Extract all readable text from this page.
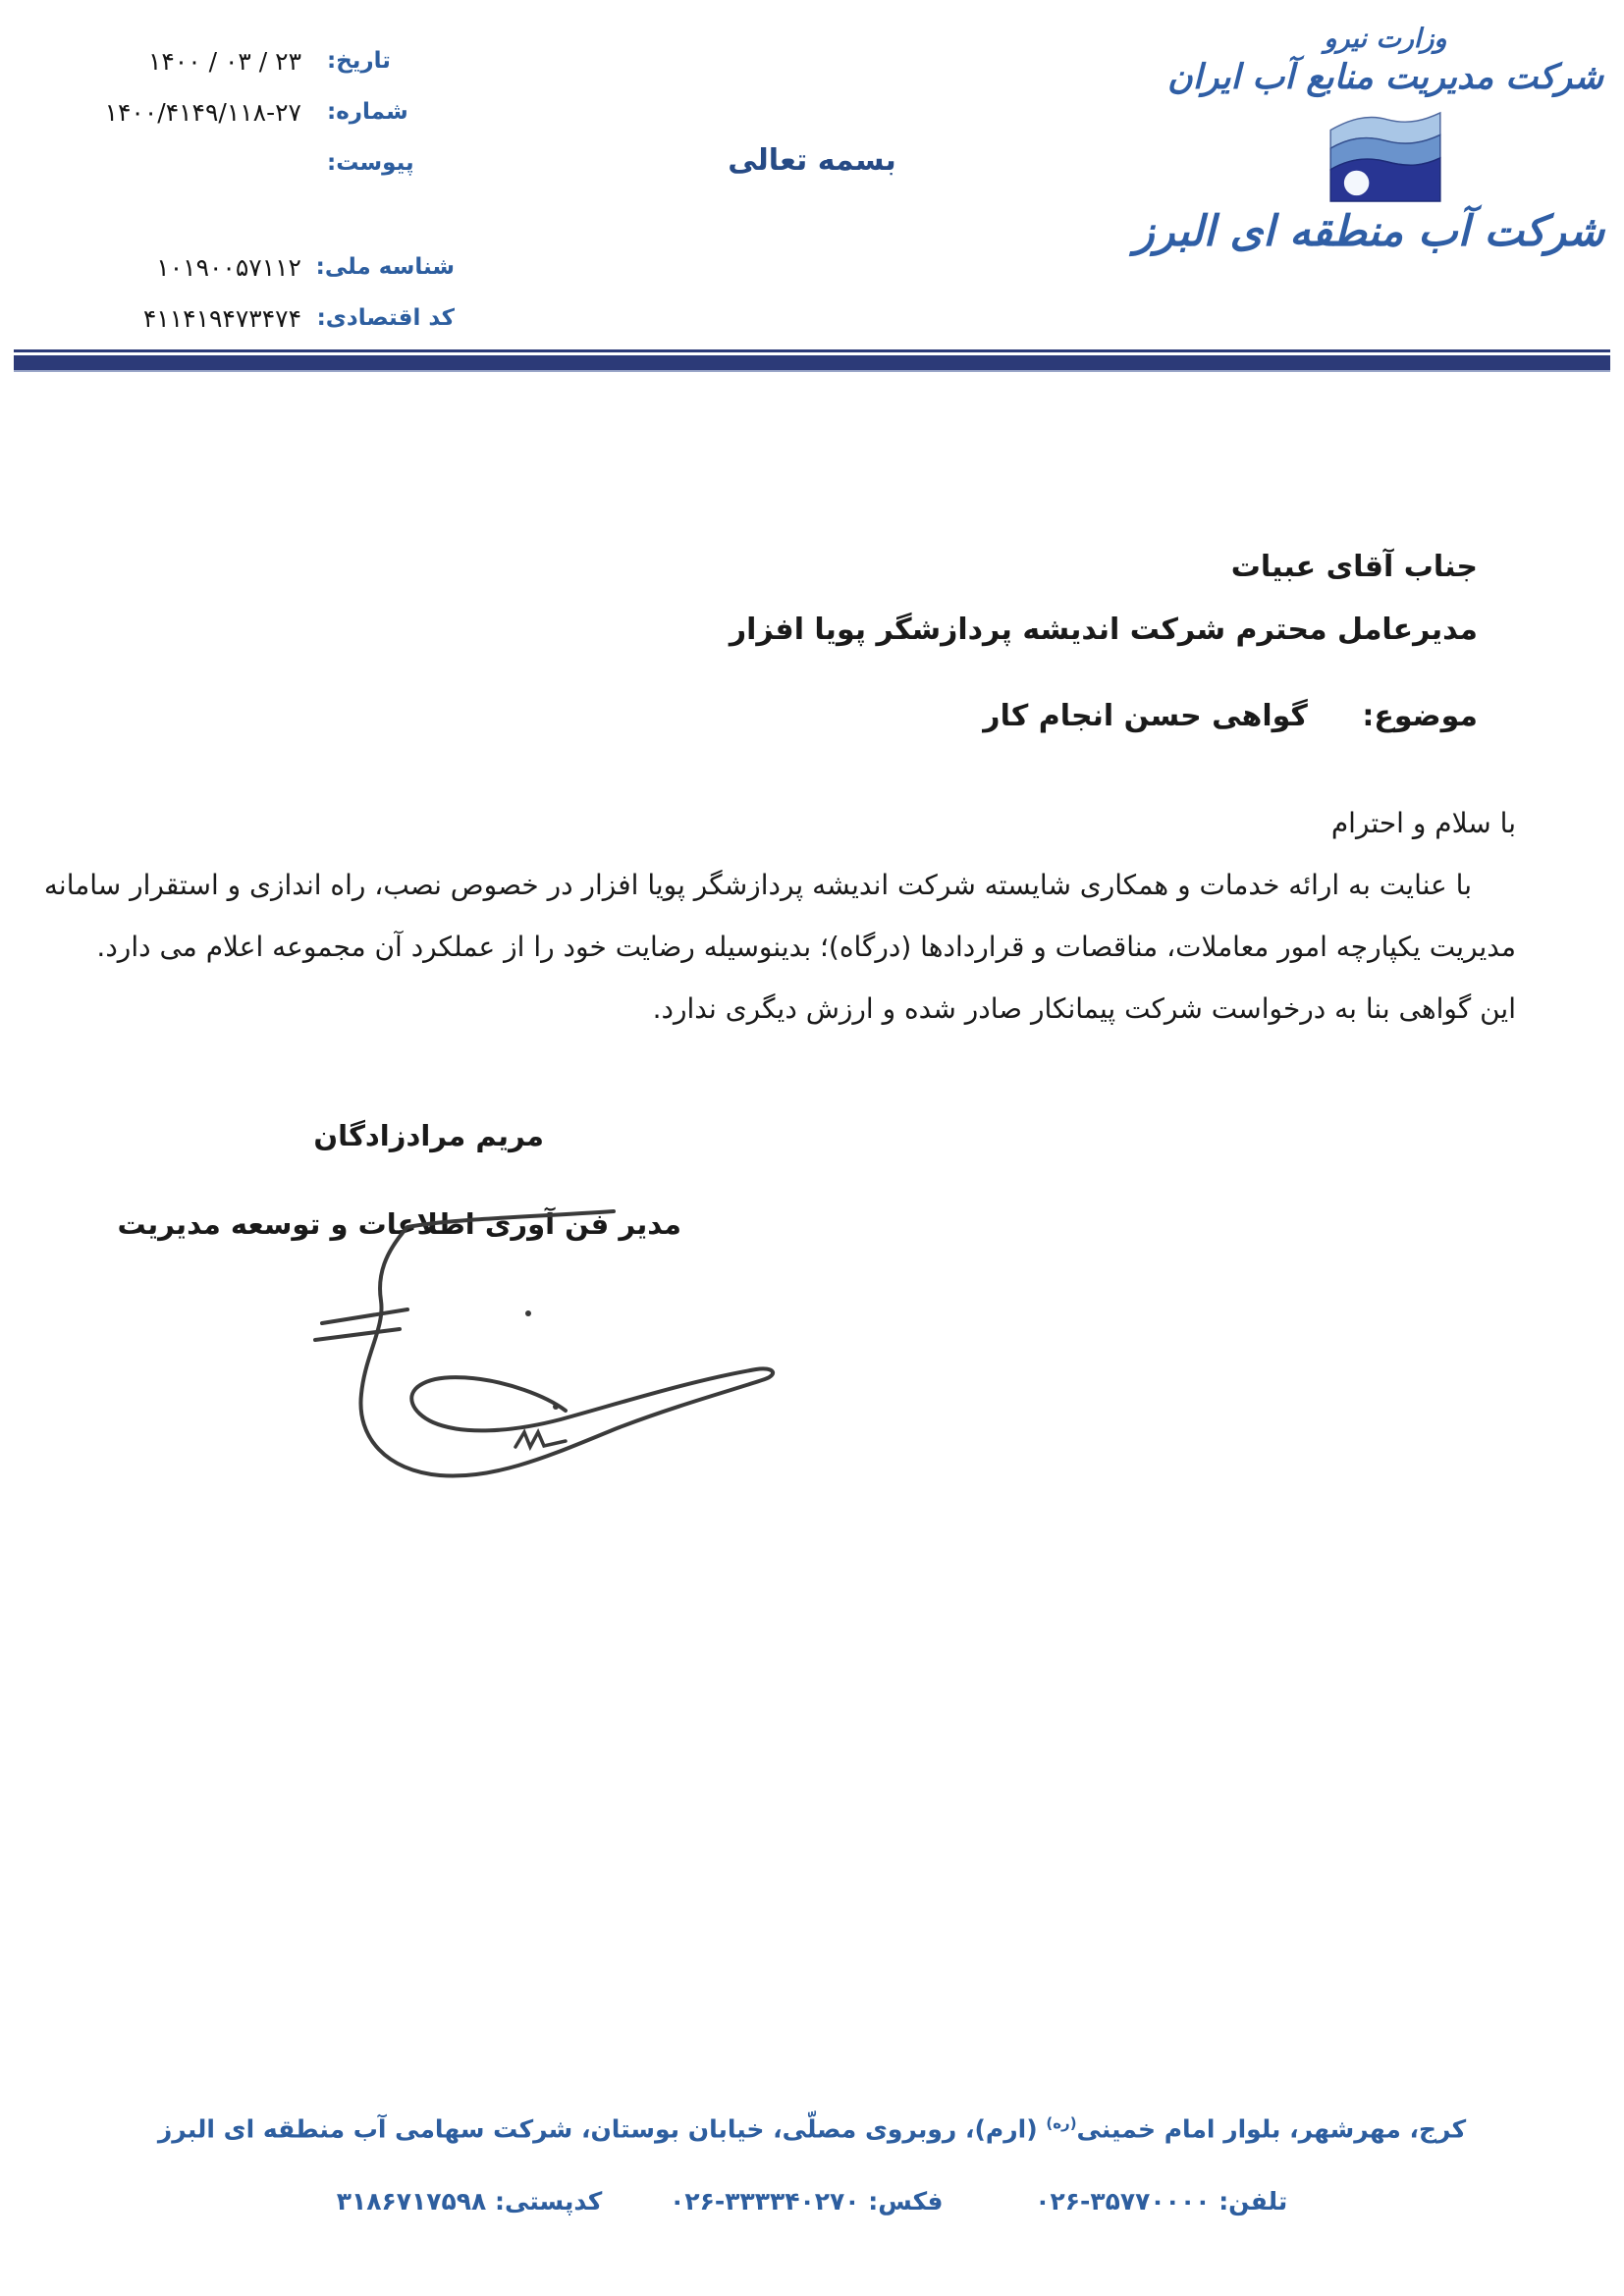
تاریخ:
۱۴۰۰ / ۰۳ / ۲۳
شماره:
۱۴۰۰/۴۱۴۹/۱۱۸-۲۷
پیوست:
شناسه ملی:
۱۰۱۹۰۰۵۷۱۱۲
کد اقتصادی:
۴۱۱۴۱۹۴۷۳۴۷۴
بسمه تعالی
وزارت نیرو
شرکت مدیریت منابع آب ایران
شرکت آب منطقه ای البرز
جناب آقای عبیات
مدیرعامل محترم شرکت اندیشه پردازشگر پویا افزار
موضوع: گواهی حسن انجام کار
با سلام و احترام
با عنایت به ارائه خدمات و همکاری شایسته شرکت اندیشه پردازشگر پویا افزار در خصوص نصب، راه اندازی و استقرار سامانه
مدیریت یکپارچه امور معاملات، مناقصات و قراردادها (درگاه)؛ بدینوسیله رضایت خود را از عملکرد آن مجموعه اعلام می دارد.
این گواهی بنا به درخواست شرکت پیمانکار صادر شده و ارزش دیگری ندارد.
مریم مرادزادگان
مدیر فن آوری اطلاعات و توسعه مدیریت
کرج، مهرشهر، بلوار امام خمینی$^{(ره)}$ (ارم)، روبروی مصلّی، خیابان بوستان، شرکت سهامی آب منطقه ای البرز
تلفن: ۰۲۶-۳۵۷۷۰۰۰۰ فکس: ۰۲۶-۳۳۳۳۴۰۲۷۰ کدپستی: ۳۱۸۶۷۱۷۵۹۸
